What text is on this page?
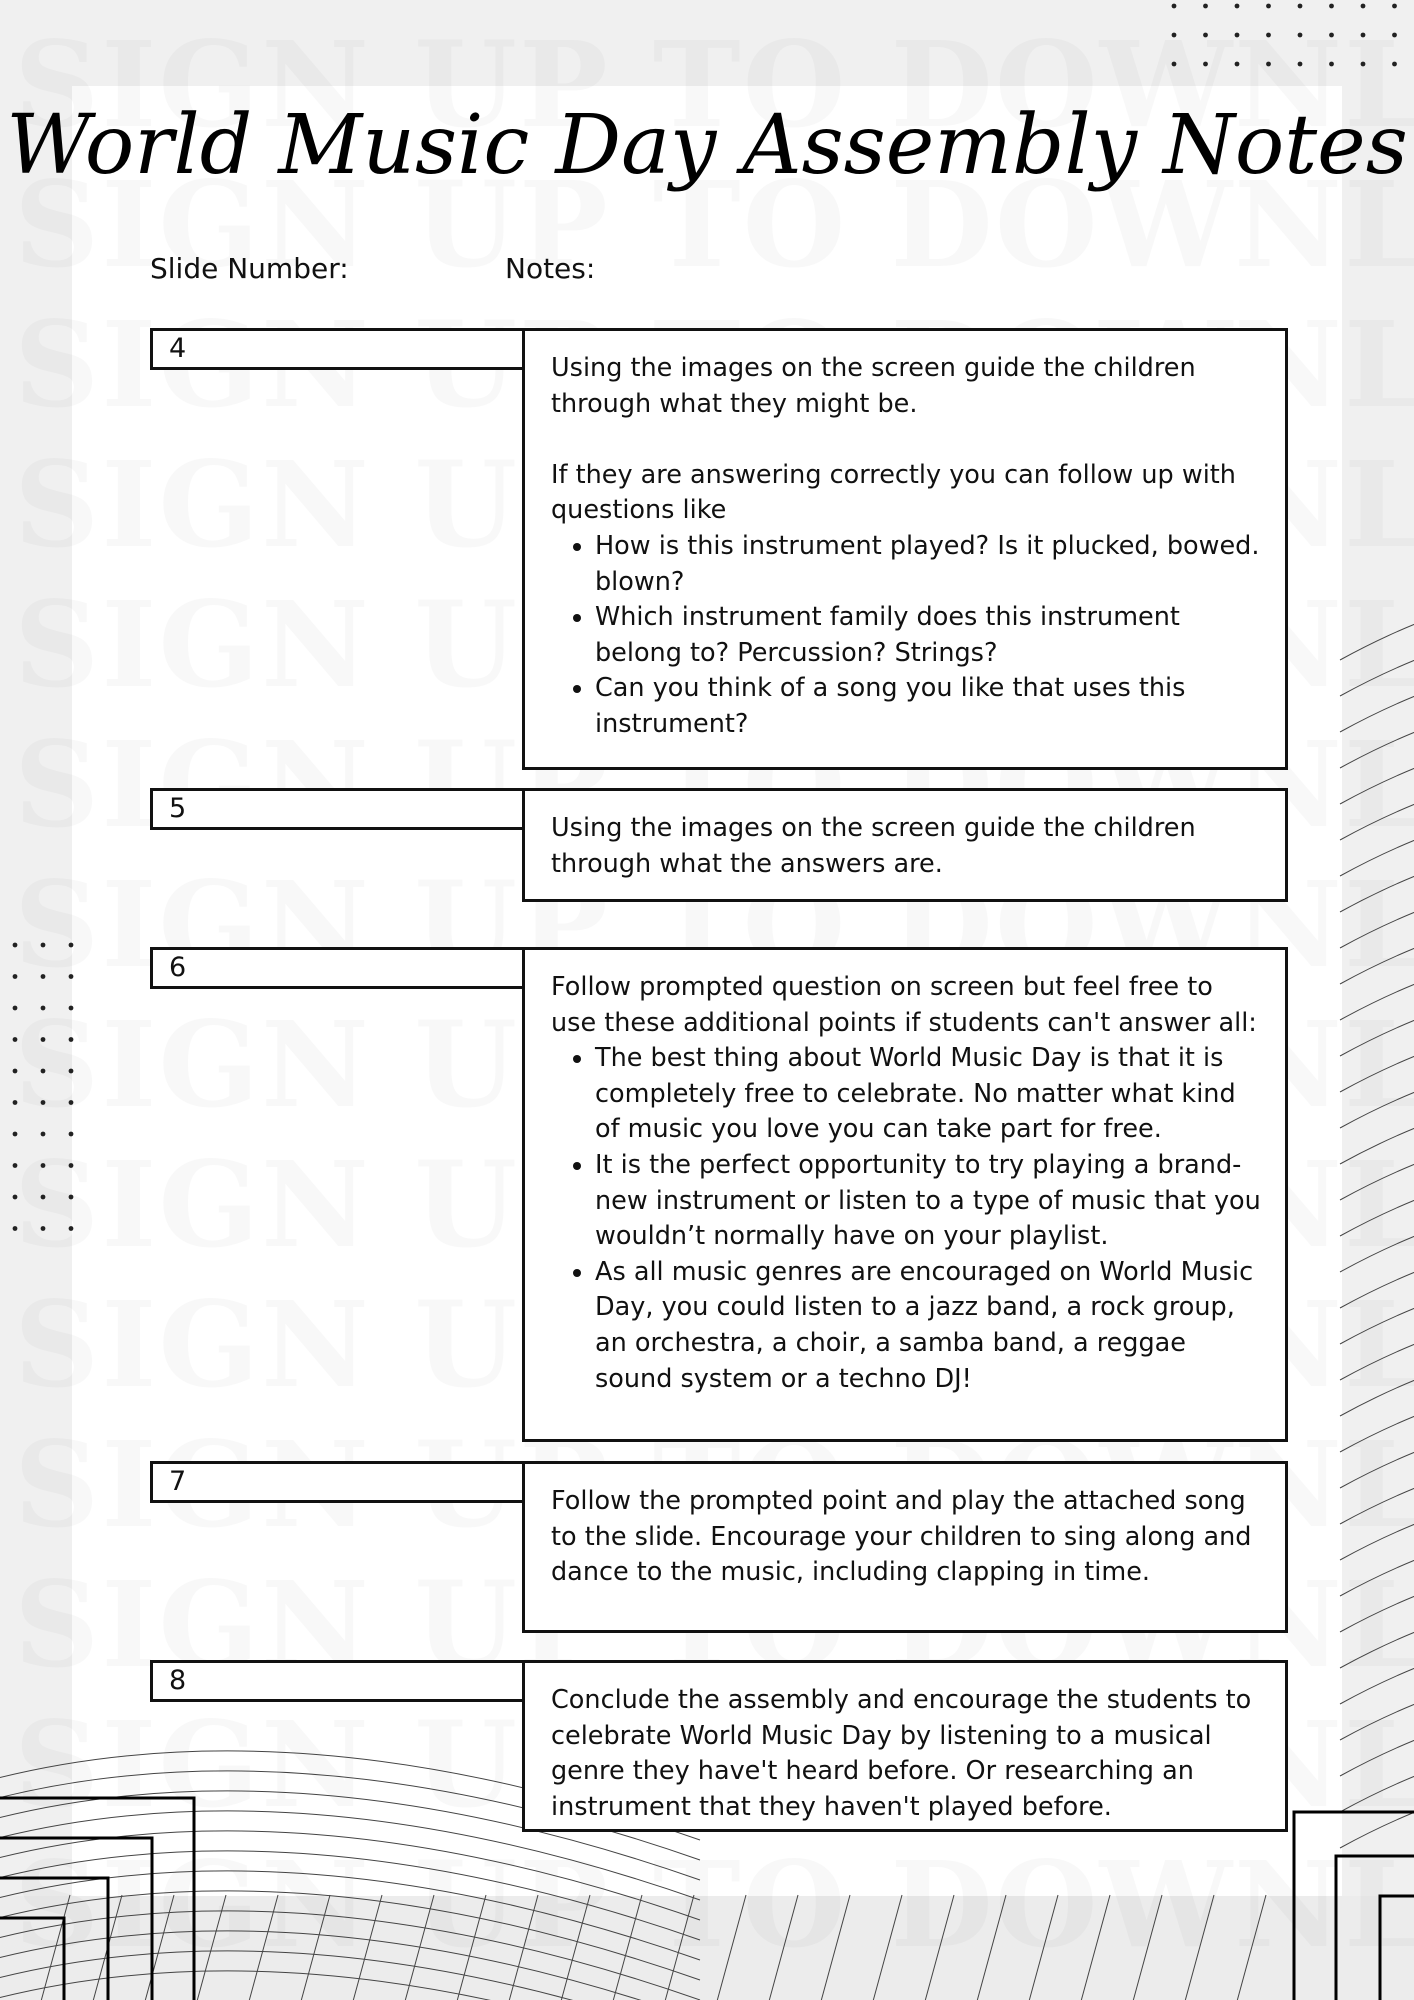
World Music Day Assembly Notes
Slide Number:	Notes:
4

Using the images on the screen guide the children through what they might be.

If they are answering correctly you can follow up with questions like

• How is this instrument played? Is it plucked, bowed. blown?
• Which instrument family does this instrument belong to? Percussion? Strings?
• Can you think of a song you like that uses this instrument?
5

Using the images on the screen guide the children through what the answers are.

6

Follow prompted question on screen but feel free to use these additional points if students can't answer all:

• The best thing about World Music Day is that it is completely free to celebrate. No matter what kind of music you love you can take part for free.
• It is the perfect opportunity to try playing a brand-new instrument or listen to a type of music that you wouldn’t normally have on your playlist.
• As all music genres are encouraged on World Music Day, you could listen to a jazz band, a rock group, an orchestra, a choir, a samba band, a reggae sound system or a techno DJ!
7

Follow the prompted point and play the attached song to the slide. Encourage your children to sing along and dance to the music, including clapping in time.

8

Conclude the assembly and encourage the students to celebrate World Music Day by listening to a musical genre they have't heard before. Or researching an instrument that they haven't played before.
